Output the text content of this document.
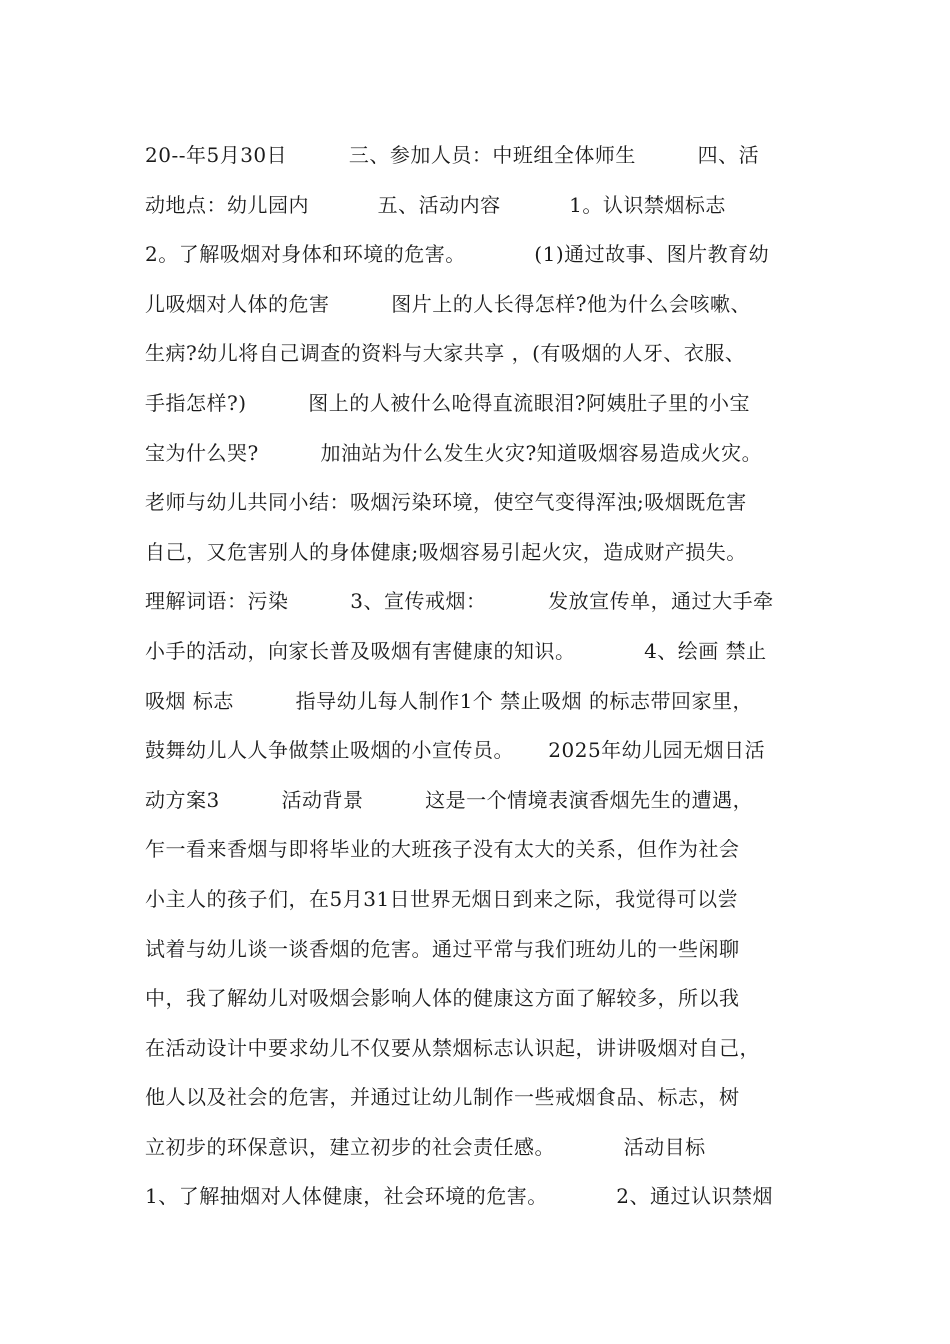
20--年5月30日         三、参加人员：中班组全体师生         四、活
动地点：幼儿园内          五、活动内容          1。认识禁烟标志
2。了解吸烟对身体和环境的危害。          (1)通过故事、图片教育幼
儿吸烟对人体的危害         图片上的人长得怎样?他为什么会咳嗽、
生病?幼儿将自己调查的资料与大家共享 ，(有吸烟的人牙、衣服、
手指怎样?)         图上的人被什么呛得直流眼泪?阿姨肚子里的小宝
宝为什么哭?         加油站为什么发生火灾?知道吸烟容易造成火灾。
老师与幼儿共同小结：吸烟污染环境，使空气变得浑浊;吸烟既危害
自己，又危害别人的身体健康;吸烟容易引起火灾，造成财产损失。
理解词语：污染         3、宣传戒烟：         发放宣传单，通过大手牵
小手的活动，向家长普及吸烟有害健康的知识。          4、绘画 禁止
吸烟 标志         指导幼儿每人制作1个 禁止吸烟 的标志带回家里，
鼓舞幼儿人人争做禁止吸烟的小宣传员。     2025年幼儿园无烟日活
动方案3         活动背景         这是一个情境表演香烟先生的遭遇，
乍一看来香烟与即将毕业的大班孩子没有太大的关系，但作为社会
小主人的孩子们，在5月31日世界无烟日到来之际，我觉得可以尝
试着与幼儿谈一谈香烟的危害。通过平常与我们班幼儿的一些闲聊
中，我了解幼儿对吸烟会影响人体的健康这方面了解较多，所以我
在活动设计中要求幼儿不仅要从禁烟标志认识起，讲讲吸烟对自己，
他人以及社会的危害，并通过让幼儿制作一些戒烟食品、标志，树
立初步的环保意识，建立初步的社会责任感。          活动目标
1、了解抽烟对人体健康，社会环境的危害。          2、通过认识禁烟
